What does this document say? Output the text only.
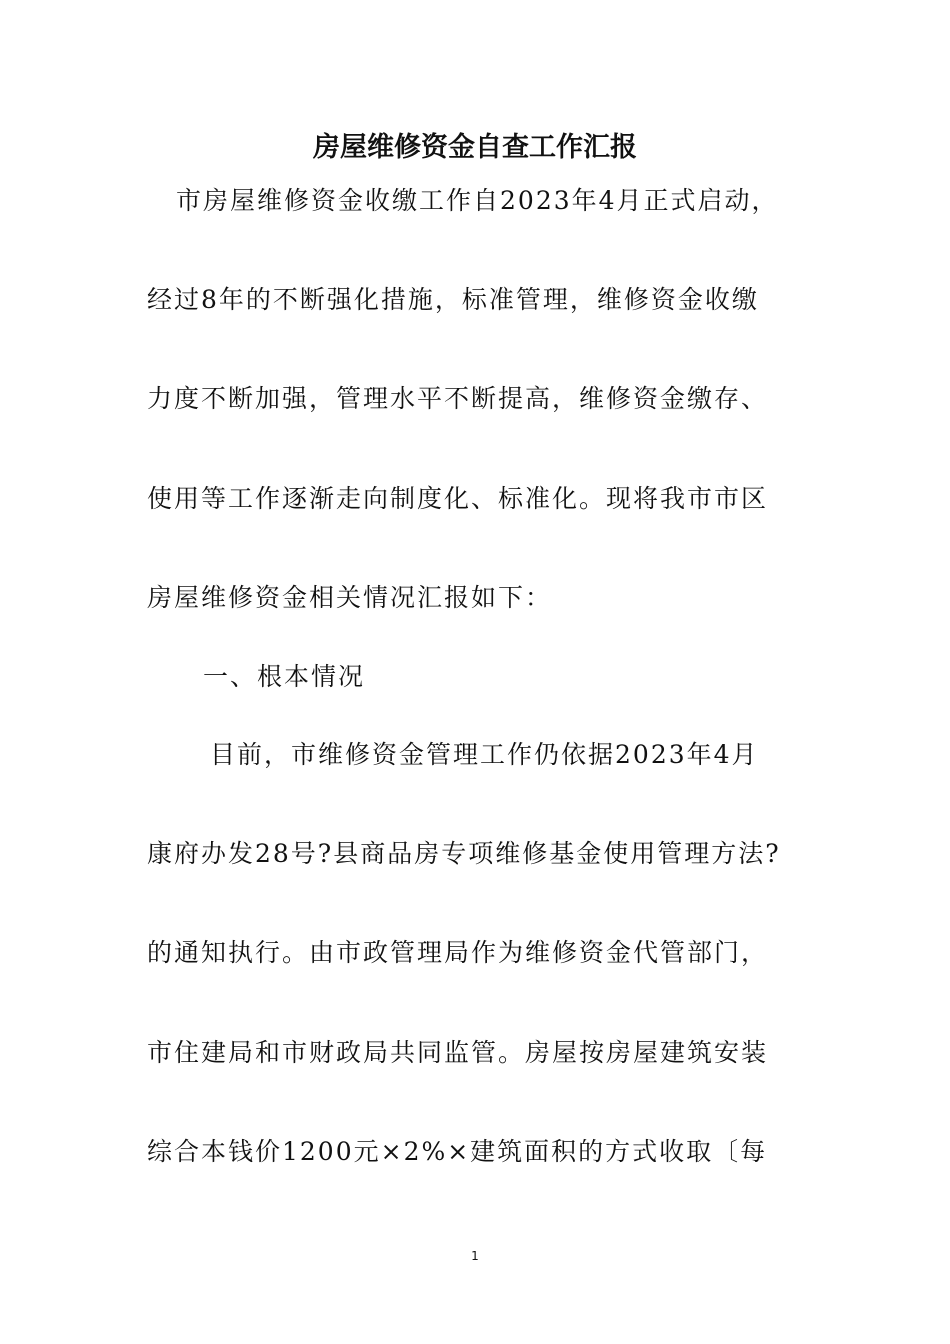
房屋维修资金自查工作汇报
市房屋维修资金收缴工作自2023年4月正式启动，
经过8年的不断强化措施，标准管理，维修资金收缴
力度不断加强，管理水平不断提高，维修资金缴存、
使用等工作逐渐走向制度化、标准化。现将我市市区
房屋维修资金相关情况汇报如下：
一、根本情况
目前，市维修资金管理工作仍依据2023年4月
康府办发28号?县商品房专项维修基金使用管理方法?
的通知执行。由市政管理局作为维修资金代管部门，
市住建局和市财政局共同监管。房屋按房屋建筑安装
综合本钱价1200元×2%×建筑面积的方式收取〔每
1
